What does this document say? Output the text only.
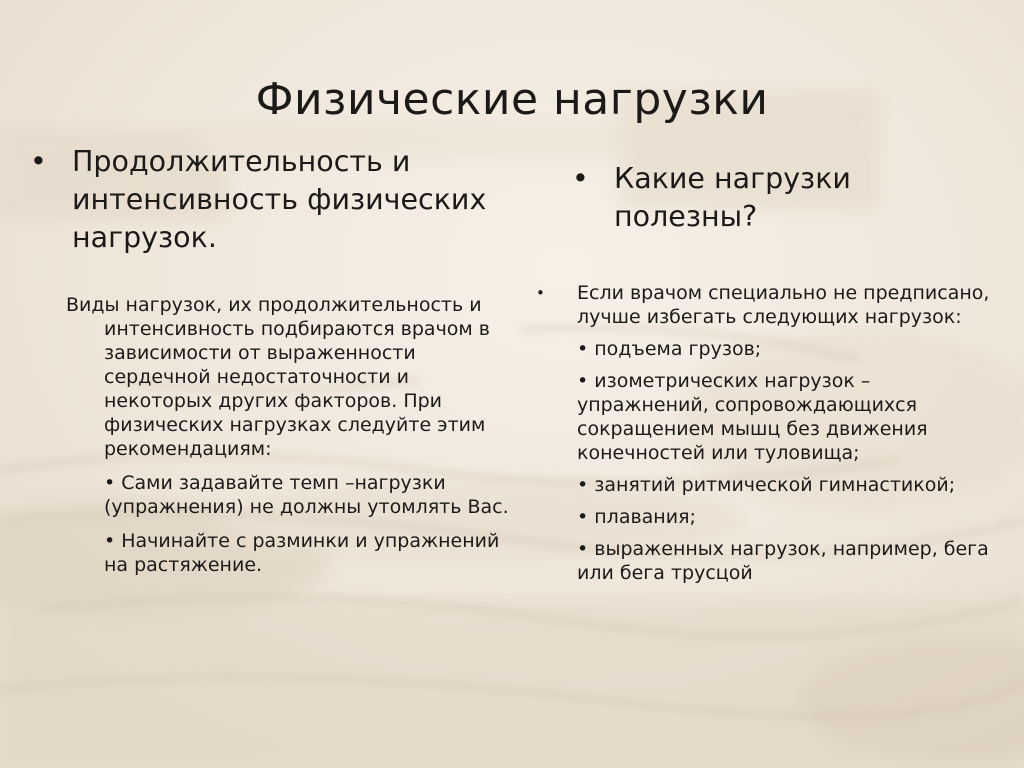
Физические нагрузки
• Продолжительность и интенсивность физических нагрузок.
• Какие нагрузки полезны?

Виды нагрузок, их продолжительность и интенсивность подбираются врачом в зависимости от выраженности сердечной недостаточности и некоторых других факторов. При физических нагрузках следуйте этим рекомендациям:

• Сами задавайте темп –нагрузки (упражнения) не должны утомлять Вас.

• Начинайте с разминки и упражнений на растяжение.

• Если врачом специально не предписано, лучше избегать следующих нагрузок:

• подъема грузов;

• изометрических нагрузок – упражнений, сопровождающихся сокращением мышц без движения конечностей или туловища;

• занятий ритмической гимнастикой;

• плавания;

• выраженных нагрузок, например, бега или бега трусцой
